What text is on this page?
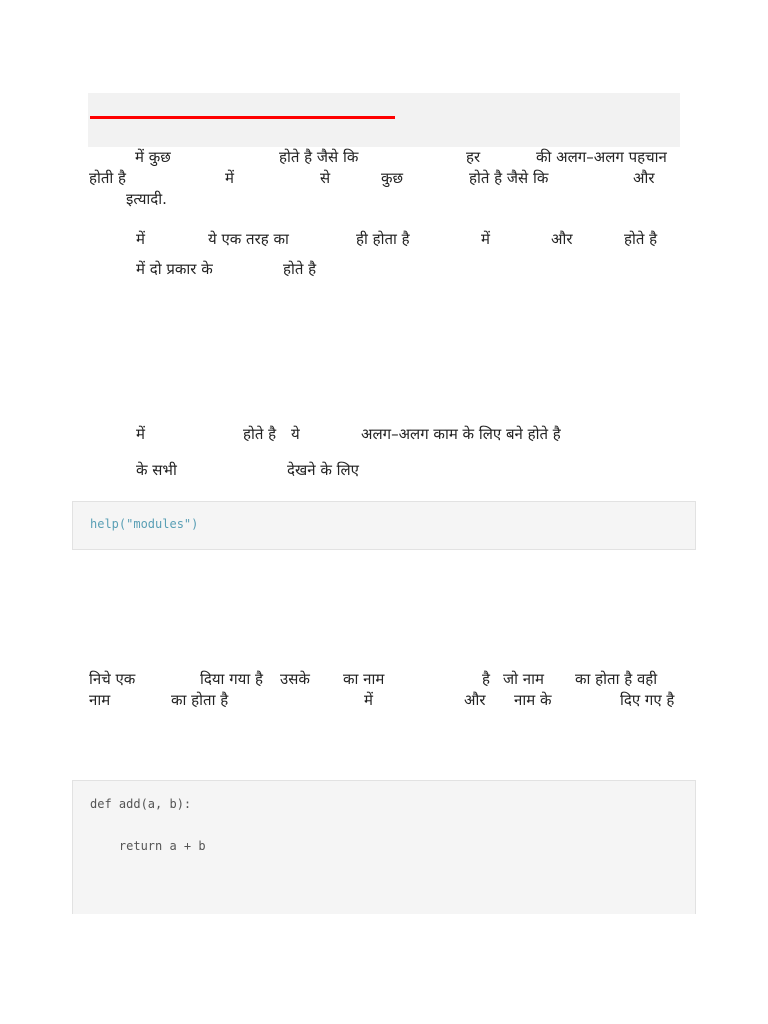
में कुछ	होते है जैसे कि	हर	की अलग–अलग पहचान
होती है	में	से	कुछ	होते है जैसे कि	और
इत्यादी.
में	ये एक तरह का	ही होता है	में	और	होते है
में दो प्रकार के	होते है
में	होते है ये	अलग–अलग काम के लिए बने होते है
के सभी	देखने के लिए
help("modules")
निचे एक	दिया गया है उसके का नाम	है जो नाम का होता है वही
नाम	का होता है	में	और नाम के	दिए गए है
def add(a, b):
return a + b
